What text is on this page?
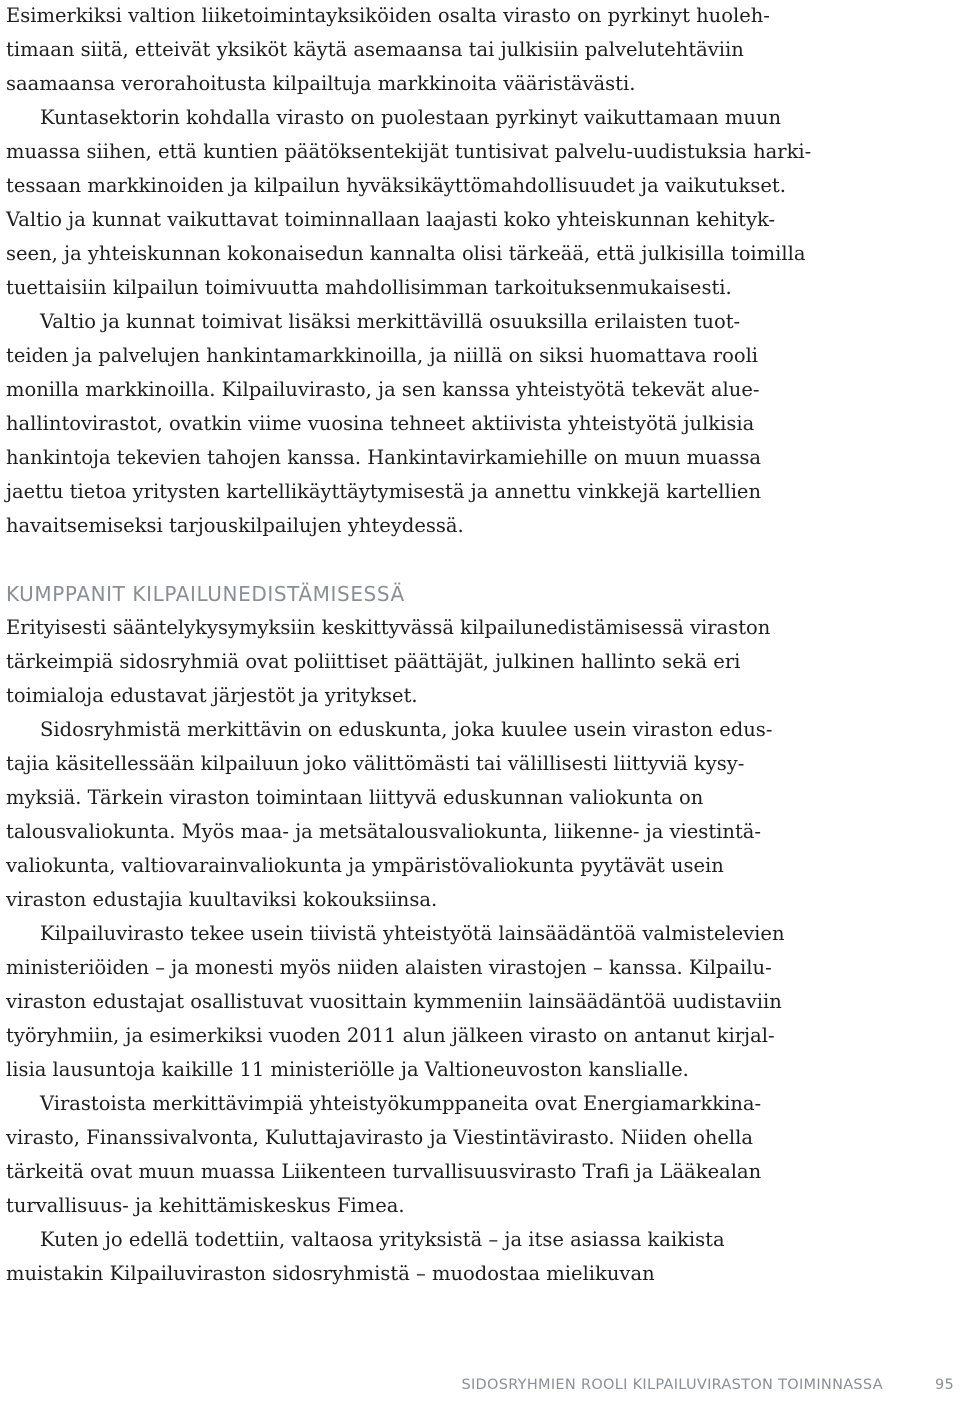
Esimerkiksi valtion liiketoimintayksiköiden osalta virasto on pyrkinyt huoleh-
timaan siitä, etteivät yksiköt käytä asemaansa tai julkisiin palvelutehtäviin
saamaansa verorahoitusta kilpailtuja markkinoita vääristävästi.
Kuntasektorin kohdalla virasto on puolestaan pyrkinyt vaikuttamaan muun
muassa siihen, että kuntien päätöksentekijät tuntisivat palvelu-uudistuksia harki-
tessaan markkinoiden ja kilpailun hyväksikäyttömahdollisuudet ja vaikutukset.
Valtio ja kunnat vaikuttavat toiminnallaan laajasti koko yhteiskunnan kehityk-
seen, ja yhteiskunnan kokonaisedun kannalta olisi tärkeää, että julkisilla toimilla
tuettaisiin kilpailun toimivuutta mahdollisimman tarkoituksenmukaisesti.
Valtio ja kunnat toimivat lisäksi merkittävillä osuuksilla erilaisten tuot-
teiden ja palvelujen hankintamarkkinoilla, ja niillä on siksi huomattava rooli
monilla markkinoilla. Kilpailuvirasto, ja sen kanssa yhteistyötä tekevät alue-
hallintovirastot, ovatkin viime vuosina tehneet aktiivista yhteistyötä julkisia
hankintoja tekevien tahojen kanssa. Hankintavirkamiehille on muun muassa
jaettu tietoa yritysten kartellikäyttäytymisestä ja annettu vinkkejä kartellien
havaitsemiseksi tarjouskilpailujen yhteydessä.
KUMPPANIT KILPAILUNEDISTÄMISESSÄ
Erityisesti sääntelykysymyksiin keskittyvässä kilpailunedistämisessä viraston
tärkeimpiä sidosryhmiä ovat poliittiset päättäjät, julkinen hallinto sekä eri
toimialoja edustavat järjestöt ja yritykset.
Sidosryhmistä merkittävin on eduskunta, joka kuulee usein viraston edus-
tajia käsitellessään kilpailuun joko välittömästi tai välillisesti liittyviä kysy-
myksiä. Tärkein viraston toimintaan liittyvä eduskunnan valiokunta on
talousvaliokunta. Myös maa- ja metsätalousvaliokunta, liikenne- ja viestintä-
valiokunta, valtiovarainvaliokunta ja ympäristövaliokunta pyytävät usein
viraston edustajia kuultaviksi kokouksiinsa.
Kilpailuvirasto tekee usein tiivistä yhteistyötä lainsäädäntöä valmistelevien
ministeriöiden – ja monesti myös niiden alaisten virastojen – kanssa. Kilpailu-
viraston edustajat osallistuvat vuosittain kymmeniin lainsäädäntöä uudistaviin
työryhmiin, ja esimerkiksi vuoden 2011 alun jälkeen virasto on antanut kirjal-
lisia lausuntoja kaikille 11 ministeriölle ja Valtioneuvoston kanslialle.
Virastoista merkittävimpiä yhteistyökumppaneita ovat Energiamarkkina-
virasto, Finanssivalvonta, Kuluttajavirasto ja Viestintävirasto. Niiden ohella
tärkeitä ovat muun muassa Liikenteen turvallisuusvirasto Trafi ja Lääkealan
turvallisuus- ja kehittämiskeskus Fimea.
Kuten jo edellä todettiin, valtaosa yrityksistä – ja itse asiassa kaikista
muistakin Kilpailuviraston sidosryhmistä – muodostaa mielikuvan
SIDOSRYHMIEN ROOLI KILPAILUVIRASTON TOIMINNASSA	95
